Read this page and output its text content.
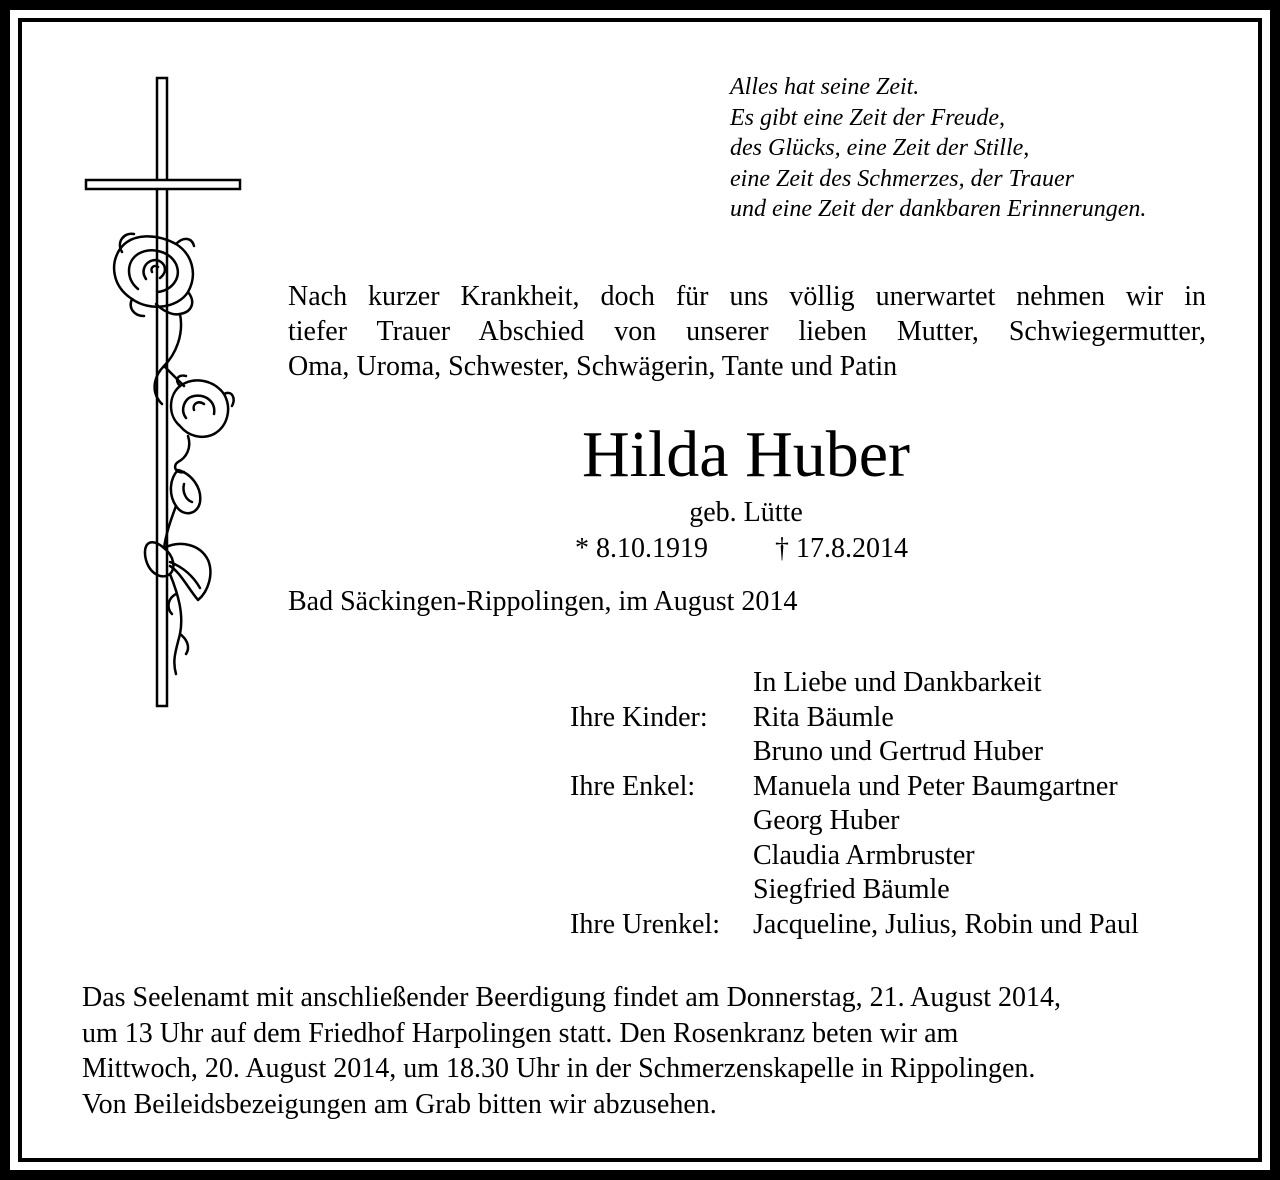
Alles hat seine Zeit.
Es gibt eine Zeit der Freude,
des Glücks, eine Zeit der Stille,
eine Zeit des Schmerzes, der Trauer
und eine Zeit der dankbaren Erinnerungen.
Nach kurzer Krankheit, doch für uns völlig unerwartet nehmen wir in
tiefer Trauer Abschied von unserer lieben Mutter, Schwiegermutter,
Oma, Uroma, Schwester, Schwägerin, Tante und Patin
Hilda Huber
geb. Lütte
* 8.10.1919 † 17.8.2014
Bad Säckingen-Rippolingen, im August 2014
In Liebe und Dankbarkeit
Ihre Kinder:	Rita Bäumle
Bruno und Gertrud Huber
Ihre Enkel:	Manuela und Peter Baumgartner
Georg Huber
Claudia Armbruster
Siegfried Bäumle
Ihre Urenkel:	Jacqueline, Julius, Robin und Paul
Das Seelenamt mit anschließender Beerdigung findet am Donnerstag, 21. August 2014,
um 13 Uhr auf dem Friedhof Harpolingen statt. Den Rosenkranz beten wir am
Mittwoch, 20. August 2014, um 18.30 Uhr in der Schmerzenskapelle in Rippolingen.
Von Beileidsbezeigungen am Grab bitten wir abzusehen.
